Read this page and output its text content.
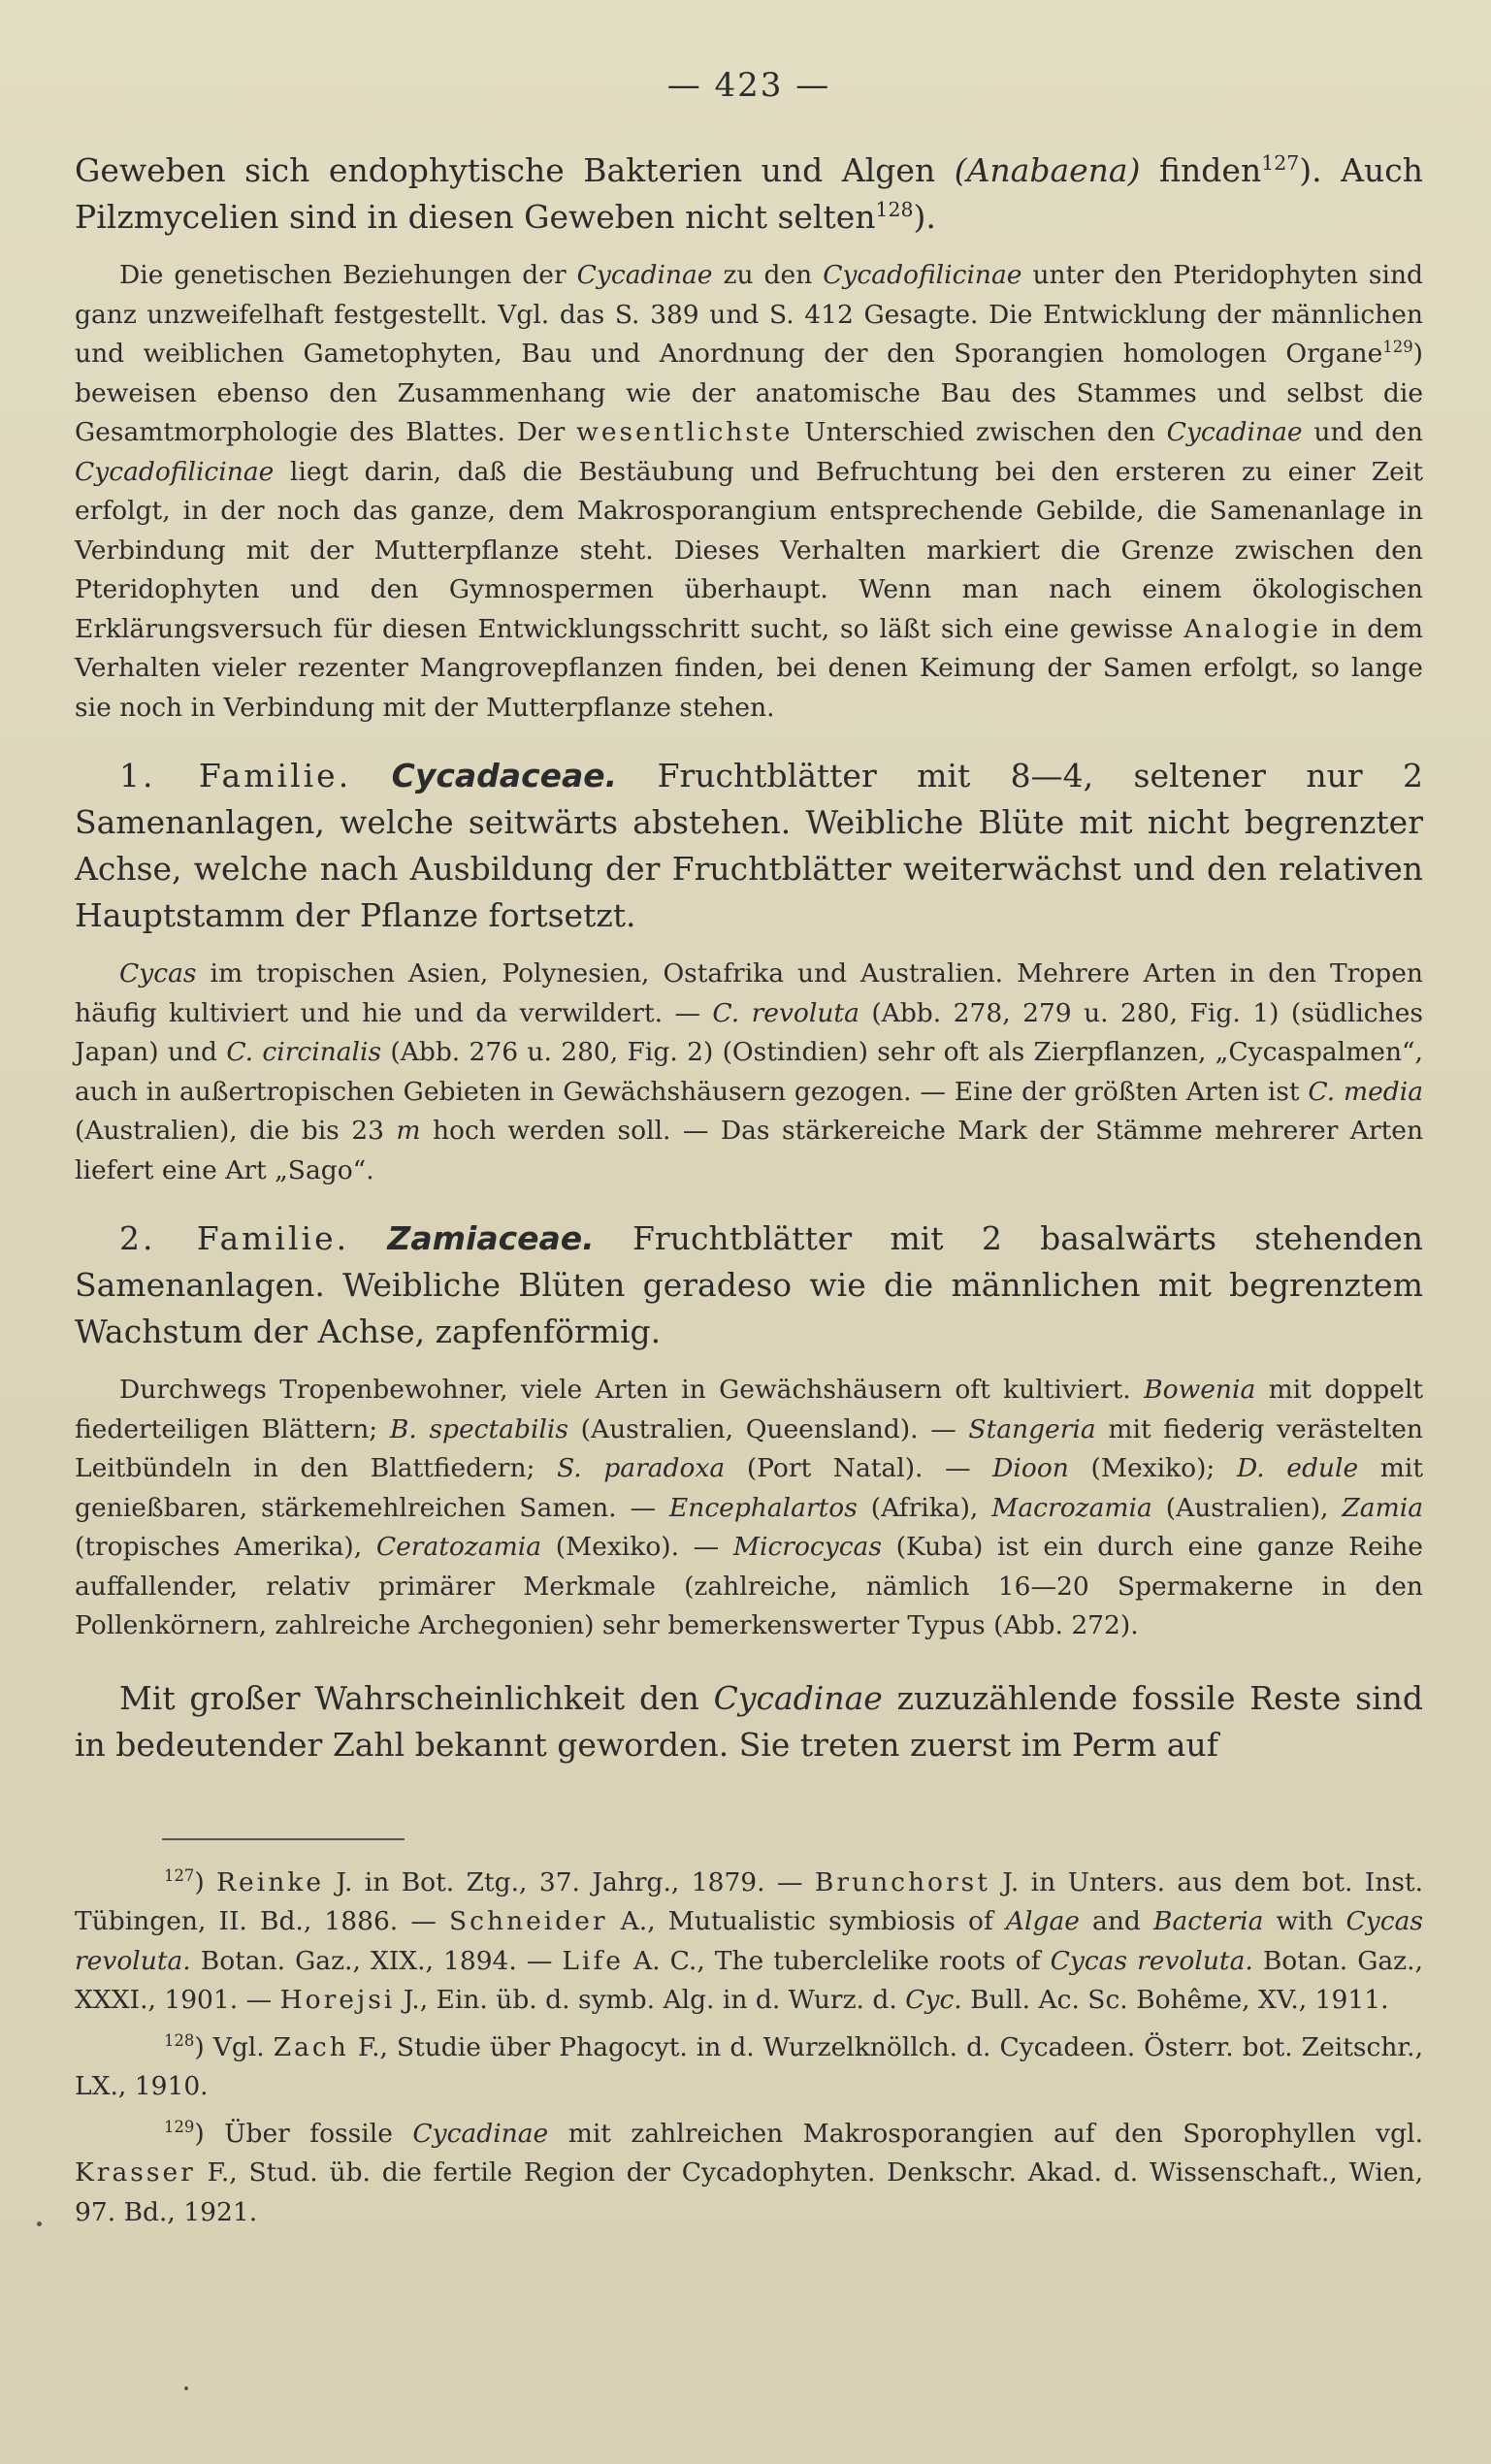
— 423 —

Geweben sich endophytische Bakterien und Algen (Anabaena) finden$^{127}$). Auch Pilzmycelien sind in diesen Geweben nicht selten$^{128}$).

Die genetischen Beziehungen der Cycadinae zu den Cycadofilicinae unter den Pteridophyten sind ganz unzweifelhaft festgestellt. Vgl. das S. 389 und S. 412 Gesagte. Die Entwicklung der männlichen und weiblichen Gametophyten, Bau und Anordnung der den Sporangien homologen Organe$^{129}$) beweisen ebenso den Zusammenhang wie der anatomische Bau des Stammes und selbst die Gesamtmorphologie des Blattes. Der wesentlichste Unterschied zwischen den Cycadinae und den Cycadofilicinae liegt darin, daß die Bestäubung und Befruchtung bei den ersteren zu einer Zeit erfolgt, in der noch das ganze, dem Makrosporangium entsprechende Gebilde, die Samenanlage in Verbindung mit der Mutterpflanze steht. Dieses Verhalten markiert die Grenze zwischen den Pteridophyten und den Gymnospermen überhaupt. Wenn man nach einem ökologischen Erklärungsversuch für diesen Entwicklungsschritt sucht, so läßt sich eine gewisse Analogie in dem Verhalten vieler rezenter Mangrovepflanzen finden, bei denen Keimung der Samen erfolgt, so lange sie noch in Verbindung mit der Mutterpflanze stehen.

1. Familie. Cycadaceae. Fruchtblätter mit 8—4, seltener nur 2 Samenanlagen, welche seitwärts abstehen. Weibliche Blüte mit nicht begrenzter Achse, welche nach Ausbildung der Fruchtblätter weiterwächst und den relativen Hauptstamm der Pflanze fortsetzt.

Cycas im tropischen Asien, Polynesien, Ostafrika und Australien. Mehrere Arten in den Tropen häufig kultiviert und hie und da verwildert. — C. revoluta (Abb. 278, 279 u. 280, Fig. 1) (südliches Japan) und C. circinalis (Abb. 276 u. 280, Fig. 2) (Ostindien) sehr oft als Zierpflanzen, „Cycaspalmen“, auch in außertropischen Gebieten in Gewächshäusern gezogen. — Eine der größten Arten ist C. media (Australien), die bis 23 m hoch werden soll. — Das stärkereiche Mark der Stämme mehrerer Arten liefert eine Art „Sago“.

2. Familie. Zamiaceae. Fruchtblätter mit 2 basalwärts stehenden Samenanlagen. Weibliche Blüten geradeso wie die männlichen mit begrenztem Wachstum der Achse, zapfenförmig.

Durchwegs Tropenbewohner, viele Arten in Gewächshäusern oft kultiviert. Bowenia mit doppelt fiederteiligen Blättern; B. spectabilis (Australien, Queensland). — Stangeria mit fiederig verästelten Leitbündeln in den Blattfiedern; S. paradoxa (Port Natal). — Dioon (Mexiko); D. edule mit genießbaren, stärkemehlreichen Samen. — Encephalartos (Afrika), Macrozamia (Australien), Zamia (tropisches Amerika), Ceratozamia (Mexiko). — Microcycas (Kuba) ist ein durch eine ganze Reihe auffallender, relativ primärer Merkmale (zahlreiche, nämlich 16—20 Spermakerne in den Pollenkörnern, zahlreiche Archegonien) sehr bemerkenswerter Typus (Abb. 272).

Mit großer Wahrscheinlichkeit den Cycadinae zuzuzählende fossile Reste sind in bedeutender Zahl bekannt geworden. Sie treten zuerst im Perm auf

$^{127}$) Reinke J. in Bot. Ztg., 37. Jahrg., 1879. — Brunchorst J. in Unters. aus dem bot. Inst. Tübingen, II. Bd., 1886. — Schneider A., Mutualistic symbiosis of Algae and Bacteria with Cycas revoluta. Botan. Gaz., XIX., 1894. — Life A. C., The tuberclelike roots of Cycas revoluta. Botan. Gaz., XXXI., 1901. — Horejsi J., Ein. üb. d. symb. Alg. in d. Wurz. d. Cyc. Bull. Ac. Sc. Bohême, XV., 1911.

$^{128}$) Vgl. Zach F., Studie über Phagocyt. in d. Wurzelknöllch. d. Cycadeen. Österr. bot. Zeitschr., LX., 1910.

$^{129}$) Über fossile Cycadinae mit zahlreichen Makrosporangien auf den Sporophyllen vgl. Krasser F., Stud. üb. die fertile Region der Cycadophyten. Denkschr. Akad. d. Wissenschaft., Wien, 97. Bd., 1921.
